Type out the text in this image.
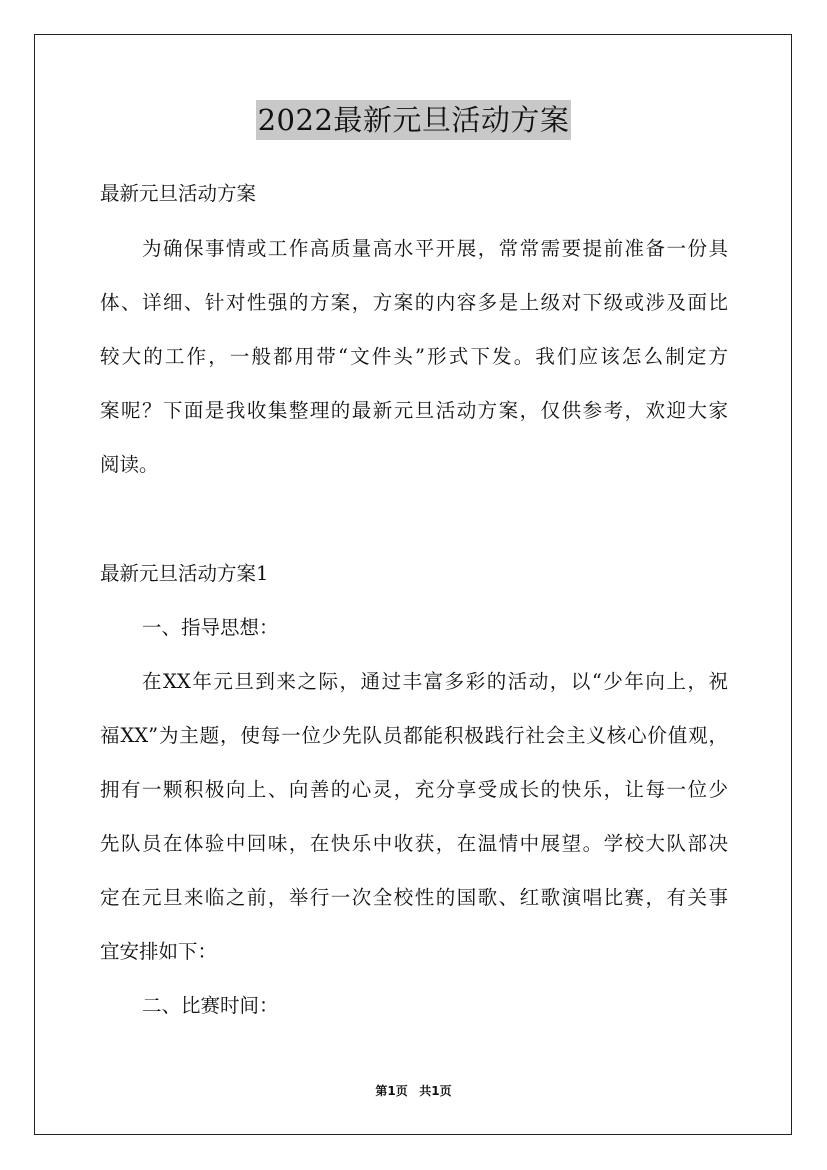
2022最新元旦活动方案
最新元旦活动方案
为确保事情或工作高质量高水平开展，常常需要提前准备一份具
体、详细、针对性强的方案，方案的内容多是上级对下级或涉及面比
较大的工作，一般都用带“文件头”形式下发。我们应该怎么制定方
案呢？下面是我收集整理的最新元旦活动方案，仅供参考，欢迎大家
阅读。
最新元旦活动方案1
一、指导思想：
在XX年元旦到来之际，通过丰富多彩的活动，以“少年向上，祝
福XX”为主题，使每一位少先队员都能积极践行社会主义核心价值观，
拥有一颗积极向上、向善的心灵，充分享受成长的快乐，让每一位少
先队员在体验中回味，在快乐中收获，在温情中展望。学校大队部决
定在元旦来临之前，举行一次全校性的国歌、红歌演唱比赛，有关事
宜安排如下：
二、比赛时间：
第1页 共1页
